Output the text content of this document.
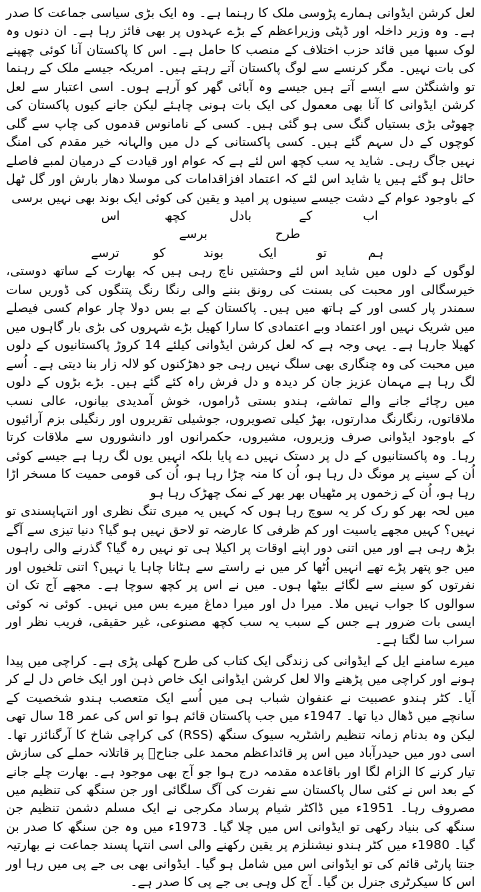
لعل کرشن ایڈوانی ہمارے پڑوسی ملک کا رہنما ہے۔ وہ ایک بڑی سیاسی جماعت کا صدر ہے۔ وہ وزیر داخلہ اور ڈپٹی وزیراعظم کے بڑے عہدوں پر بھی فائز رہا ہے۔ ان دنوں وہ لوک سبھا میں قائد حزب اختلاف کے منصب کا حامل ہے۔ اس کا پاکستان آنا کوئی چھپنے کی بات نہیں۔ مگر کرنسے سے لوگ پاکستان آتے رہتے ہیں۔ امریکہ جیسے ملک کے رہنما تو واشنگٹن سے ایسے آتے ہیں جیسے وہ آبائی گھر کو آرہے ہوں۔ اسی اعتبار سے لعل کرشن ایڈوانی کا آنا بھی معمول کی ایک بات ہونی چاہئے لیکن جانے کیوں پاکستان کی چھوٹی بڑی بستیاں گنگ سی ہو گئی ہیں۔ کسی کے نامانوس قدموں کی چاپ سے گلی کوچوں کے دل سہم گئے ہیں۔ کسی پاکستانی کے دل میں والہانہ خیر مقدم کی امنگ نہیں جاگ رہی۔ شاید یہ سب کچھ اس لئے ہے کہ عوام اور قیادت کے درمیان لمبے فاصلے حائل ہو گئے ہیں یا شاید اس لئے کہ اعتماد افزاقدامات کی موسلا دھار بارش اور گل ٹھل کے باوجود عوام کے دشت جیسے سینوں پر امید و یقین کی کوئی ایک بوند بھی نہیں برسی

اب
کے
بادل
کچھ
اس
طرح
برسے
ہم
تو
ایک
بوند
کو
ترسے

لوگوں کے دلوں میں شاید اس لئے وحشتیں ناچ رہی ہیں کہ بھارت کے ساتھ دوستی، خیرسگالی اور محبت کی بسنت کی رونق بننے والی رنگا رنگ پتنگوں کی ڈوریں سات سمندر پار کسی اور کے ہاتھ میں ہیں۔ پاکستان کے بے بس دولا چار عوام کسی فیصلے میں شریک نہیں اور اعتماد وبے اعتمادی کا سارا کھیل بڑے شہروں کی بڑی بار گاہوں میں کھیلا جارہا ہے۔ یہی وجہ ہے کہ لعل کرشن ایڈوانی کیلئے 14 کروڑ پاکستانیوں کے دلوں میں محبت کی وہ چنگاری بھی سلگ نہیں رہی جو دھڑکنوں کو لالہ زار بنا دیتی ہے۔ اُسے لگ رہا ہے مہمان عزیز جان کر دیدہ و دل فرش راہ کئے گئے ہیں۔ بڑے بڑوں کے دلوں میں رچائے جانے والے تماشے، ہندو بستی ڈراموں، خوش آمدیدی بیانوں، عالی نسب ملاقاتوں، رنگارنگ مدارتوں، بھڑ کیلی تصویروں، جوشیلی تقریروں اور رنگیلی بزم آرائیوں کے باوجود ایڈوانی صرف وزیروں، مشیروں، حکمرانوں اور دانشوروں سے ملاقات کرتا رہا۔ وہ پاکستانیوں کے دل پر دستک نہیں دے پایا بلکہ انہیں یوں لگ رہا ہے جیسے کوئی اُن کے سینے پر مونگ دل رہا ہو، اُن کا منہ چڑا رہا ہو، اُن کی قومی حمیت کا مسخر اڑا رہا ہو، اُن کے زخموں پر مٹھیاں بھر بھر کے نمک چھڑک رہا ہو

میں لحہ بھر کو رک کر یہ سوچ رہا ہوں کہ کہیں یہ میری تنگ نظری اور انتہاپسندی تو نہیں؟ کہیں مجھے یاسیت اور کم ظرفی کا عارضہ تو لاحق نہیں ہو گیا؟ دنیا تیزی سے آگے بڑھ رہی ہے اور میں اتنی دور اپنے اوقات پر اکیلا ہی تو نہیں رہ گیا؟ گذرنے والی راہوں میں جو پتھر پڑے تھے انہیں اُٹھا کر میں نے راستے سے ہٹانا چاہا یا نہیں؟ اتنی تلخیوں اور نفرتوں کو سینے سے لگائے بیٹھا ہوں۔ میں نے اس پر کچھ سوچا ہے۔ مجھے آج تک ان سوالوں کا جواب نہیں ملا۔ میرا دل اور میرا دماغ میرے بس میں نہیں۔ کوئی نہ کوئی ایسی بات ضرور ہے جس کے سبب یہ سب کچھ مصنوعی، غیر حقیقی، فریب نظر اور سراب سا لگتا ہے۔

میرے سامنے ایل کے ایڈوانی کی زندگی ایک کتاب کی طرح کھلی پڑی ہے۔ کراچی میں پیدا ہونے اور کراچی میں پڑھنے والا لعل کرشن ایڈوانی ایک خاص ذہن اور ایک خاص دل لے کر آیا۔ کٹر ہندو عصبیت نے عنفوان شباب ہی میں اُسے ایک متعصب ہندو شخصیت کے سانچے میں ڈھال دیا تھا۔ 1947ء میں جب پاکستان قائم ہوا تو اس کی عمر 18 سال تھی لیکن وہ بدنام زمانہ تنظیم راشٹریہ سیوک سنگھ (RSS) کی کراچی شاخ کا آرگنائزر تھا۔ اسی دور میں حیدرآباد میں اس پر قائداعظم محمد علی جناحؒ پر قاتلانہ حملے کی سازش تیار کرنے کا الزام لگا اور باقاعدہ مقدمہ درج ہوا جو آج بھی موجود ہے۔ بھارت چلے جانے کے بعد اس نے کئی سال پاکستان سے نفرت کی آگ سلگائی اور جن سنگھ کی تنظیم میں مصروف رہا۔ 1951ء میں ڈاکٹر شیام پرساد مکرجی نے ایک مسلم دشمن تنظیم جن سنگھ کی بنیاد رکھی تو ایڈوانی اس میں چلا گیا۔ 1973ء میں وہ جن سنگھ کا صدر بن گیا۔ 1980ء میں کٹر ہندو نیشنلزم پر یقین رکھنے والی اسی انتہا پسند جماعت نے بھارتیہ جنتا پارٹی قائم کی تو ایڈوانی اس میں شامل ہو گیا۔ ایڈوانی بھی بی جے پی میں رہا اور اس کا سیکرٹری جنرل بن گیا۔ آج کل وہی بی جے پی کا صدر ہے۔
